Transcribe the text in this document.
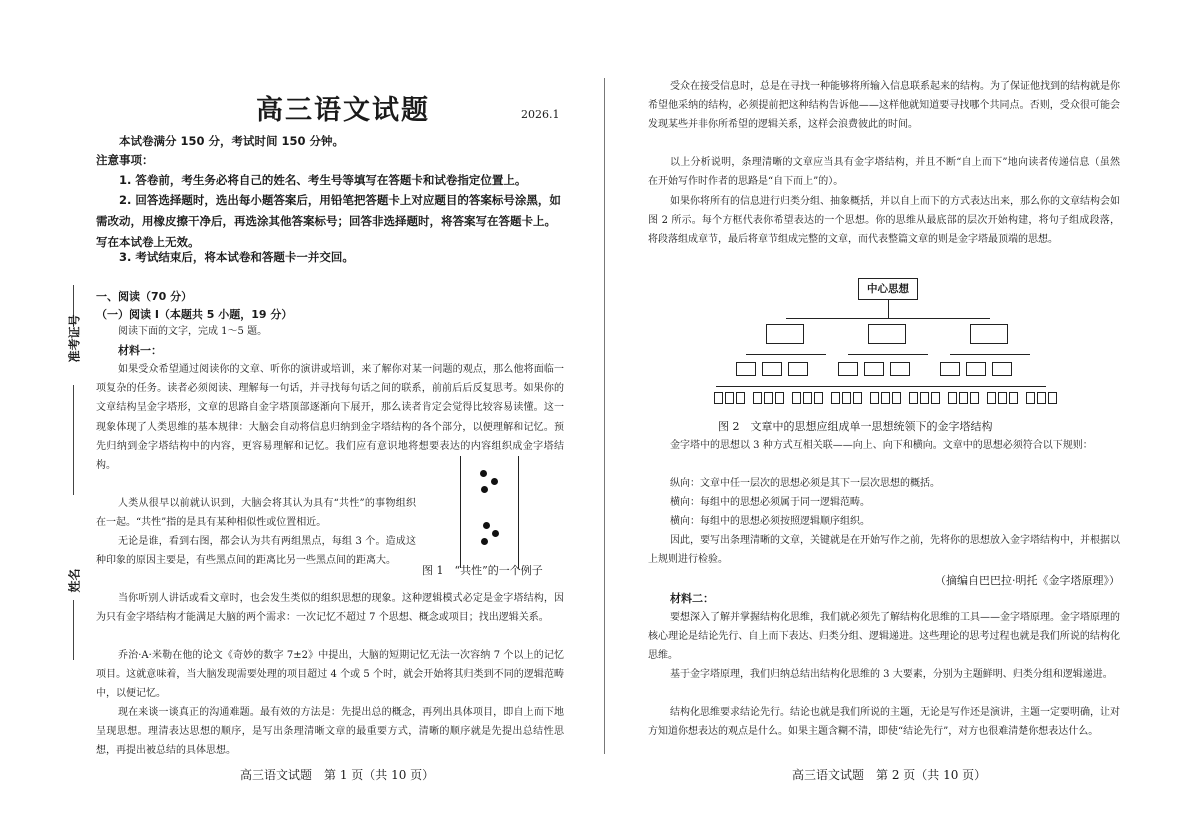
准考证号
姓名
高三语文试题	2026.1
本试卷满分 150 分，考试时间 150 分钟。
注意事项：
1. 答卷前，考生务必将自己的姓名、考生号等填写在答题卡和试卷指定位置上。
2. 回答选择题时，选出每小题答案后，用铅笔把答题卡上对应题目的答案标号涂黑，如需改动，用橡皮擦干净后，再选涂其他答案标号；回答非选择题时，将答案写在答题卡上。写在本试卷上无效。
3. 考试结束后，将本试卷和答题卡一并交回。
一、阅读（70 分）
（一）阅读 I（本题共 5 小题，19 分）
阅读下面的文字，完成 1～5 题。
材料一：
如果受众希望通过阅读你的文章、听你的演讲或培训，来了解你对某一问题的观点，那么他将面临一项复杂的任务。读者必须阅读、理解每一句话，并寻找每句话之间的联系，前前后后反复思考。如果你的文章结构呈金字塔形，文章的思路自金字塔顶部逐渐向下展开，那么读者肯定会觉得比较容易读懂。这一现象体现了人类思维的基本规律：大脑会自动将信息归纳到金字塔结构的各个部分，以便理解和记忆。预先归纳到金字塔结构中的内容，更容易理解和记忆。我们应有意识地将想要表达的内容组织成金字塔结构。
人类从很早以前就认识到，大脑会将其认为具有“共性”的事物组织在一起。“共性”指的是具有某种相似性或位置相近。
无论是谁，看到右图，都会认为共有两组黑点，每组 3 个。造成这种印象的原因主要是，有些黑点间的距离比另一些黑点间的距离大。
图 1　“共性”的一个例子
当你听别人讲话或看文章时，也会发生类似的组织思想的现象。这种逻辑模式必定是金字塔结构，因为只有金字塔结构才能满足大脑的两个需求：一次记忆不超过 7 个思想、概念或项目；找出逻辑关系。
乔治·A·米勒在他的论文《奇妙的数字 7±2》中提出，大脑的短期记忆无法一次容纳 7 个以上的记忆项目。这就意味着，当大脑发现需要处理的项目超过 4 个或 5 个时，就会开始将其归类到不同的逻辑范畴中，以便记忆。
现在来谈一谈真正的沟通难题。最有效的方法是：先提出总的概念，再列出具体项目，即自上而下地呈现思想。理清表达思想的顺序，是写出条理清晰文章的最重要方式，清晰的顺序就是先提出总结性思想，再提出被总结的具体思想。
高三语文试题　第 1 页（共 10 页）
受众在接受信息时，总是在寻找一种能够将所输入信息联系起来的结构。为了保证他找到的结构就是你希望他采纳的结构，必须提前把这种结构告诉他——这样他就知道要寻找哪个共同点。否则，受众很可能会发现某些并非你所希望的逻辑关系，这样会浪费彼此的时间。
以上分析说明，条理清晰的文章应当具有金字塔结构，并且不断“自上而下”地向读者传递信息（虽然在开始写作时作者的思路是“自下而上”的）。
如果你将所有的信息进行归类分组、抽象概括，并以自上而下的方式表达出来，那么你的文章结构会如图 2 所示。每个方框代表你希望表达的一个思想。你的思维从最底部的层次开始构建，将句子组成段落，将段落组成章节，最后将章节组成完整的文章，而代表整篇文章的则是金字塔最顶端的思想。
中心思想
图 2　文章中的思想应组成单一思想统领下的金字塔结构
金字塔中的思想以 3 种方式互相关联——向上、向下和横向。文章中的思想必须符合以下规则：
纵向：文章中任一层次的思想必须是其下一层次思想的概括。
横向：每组中的思想必须属于同一逻辑范畴。
横向：每组中的思想必须按照逻辑顺序组织。
因此，要写出条理清晰的文章，关键就是在开始写作之前，先将你的思想放入金字塔结构中，并根据以上规则进行检验。
（摘编自巴巴拉·明托《金字塔原理》）
材料二：
要想深入了解并掌握结构化思维，我们就必须先了解结构化思维的工具——金字塔原理。金字塔原理的核心理论是结论先行、自上而下表达、归类分组、逻辑递进。这些理论的思考过程也就是我们所说的结构化思维。
基于金字塔原理，我们归纳总结出结构化思维的 3 大要素，分别为主题鲜明、归类分组和逻辑递进。
结构化思维要求结论先行。结论也就是我们所说的主题，无论是写作还是演讲，主题一定要明确，让对方知道你想表达的观点是什么。如果主题含糊不清，即使“结论先行”，对方也很难清楚你想表达什么。
高三语文试题　第 2 页（共 10 页）
